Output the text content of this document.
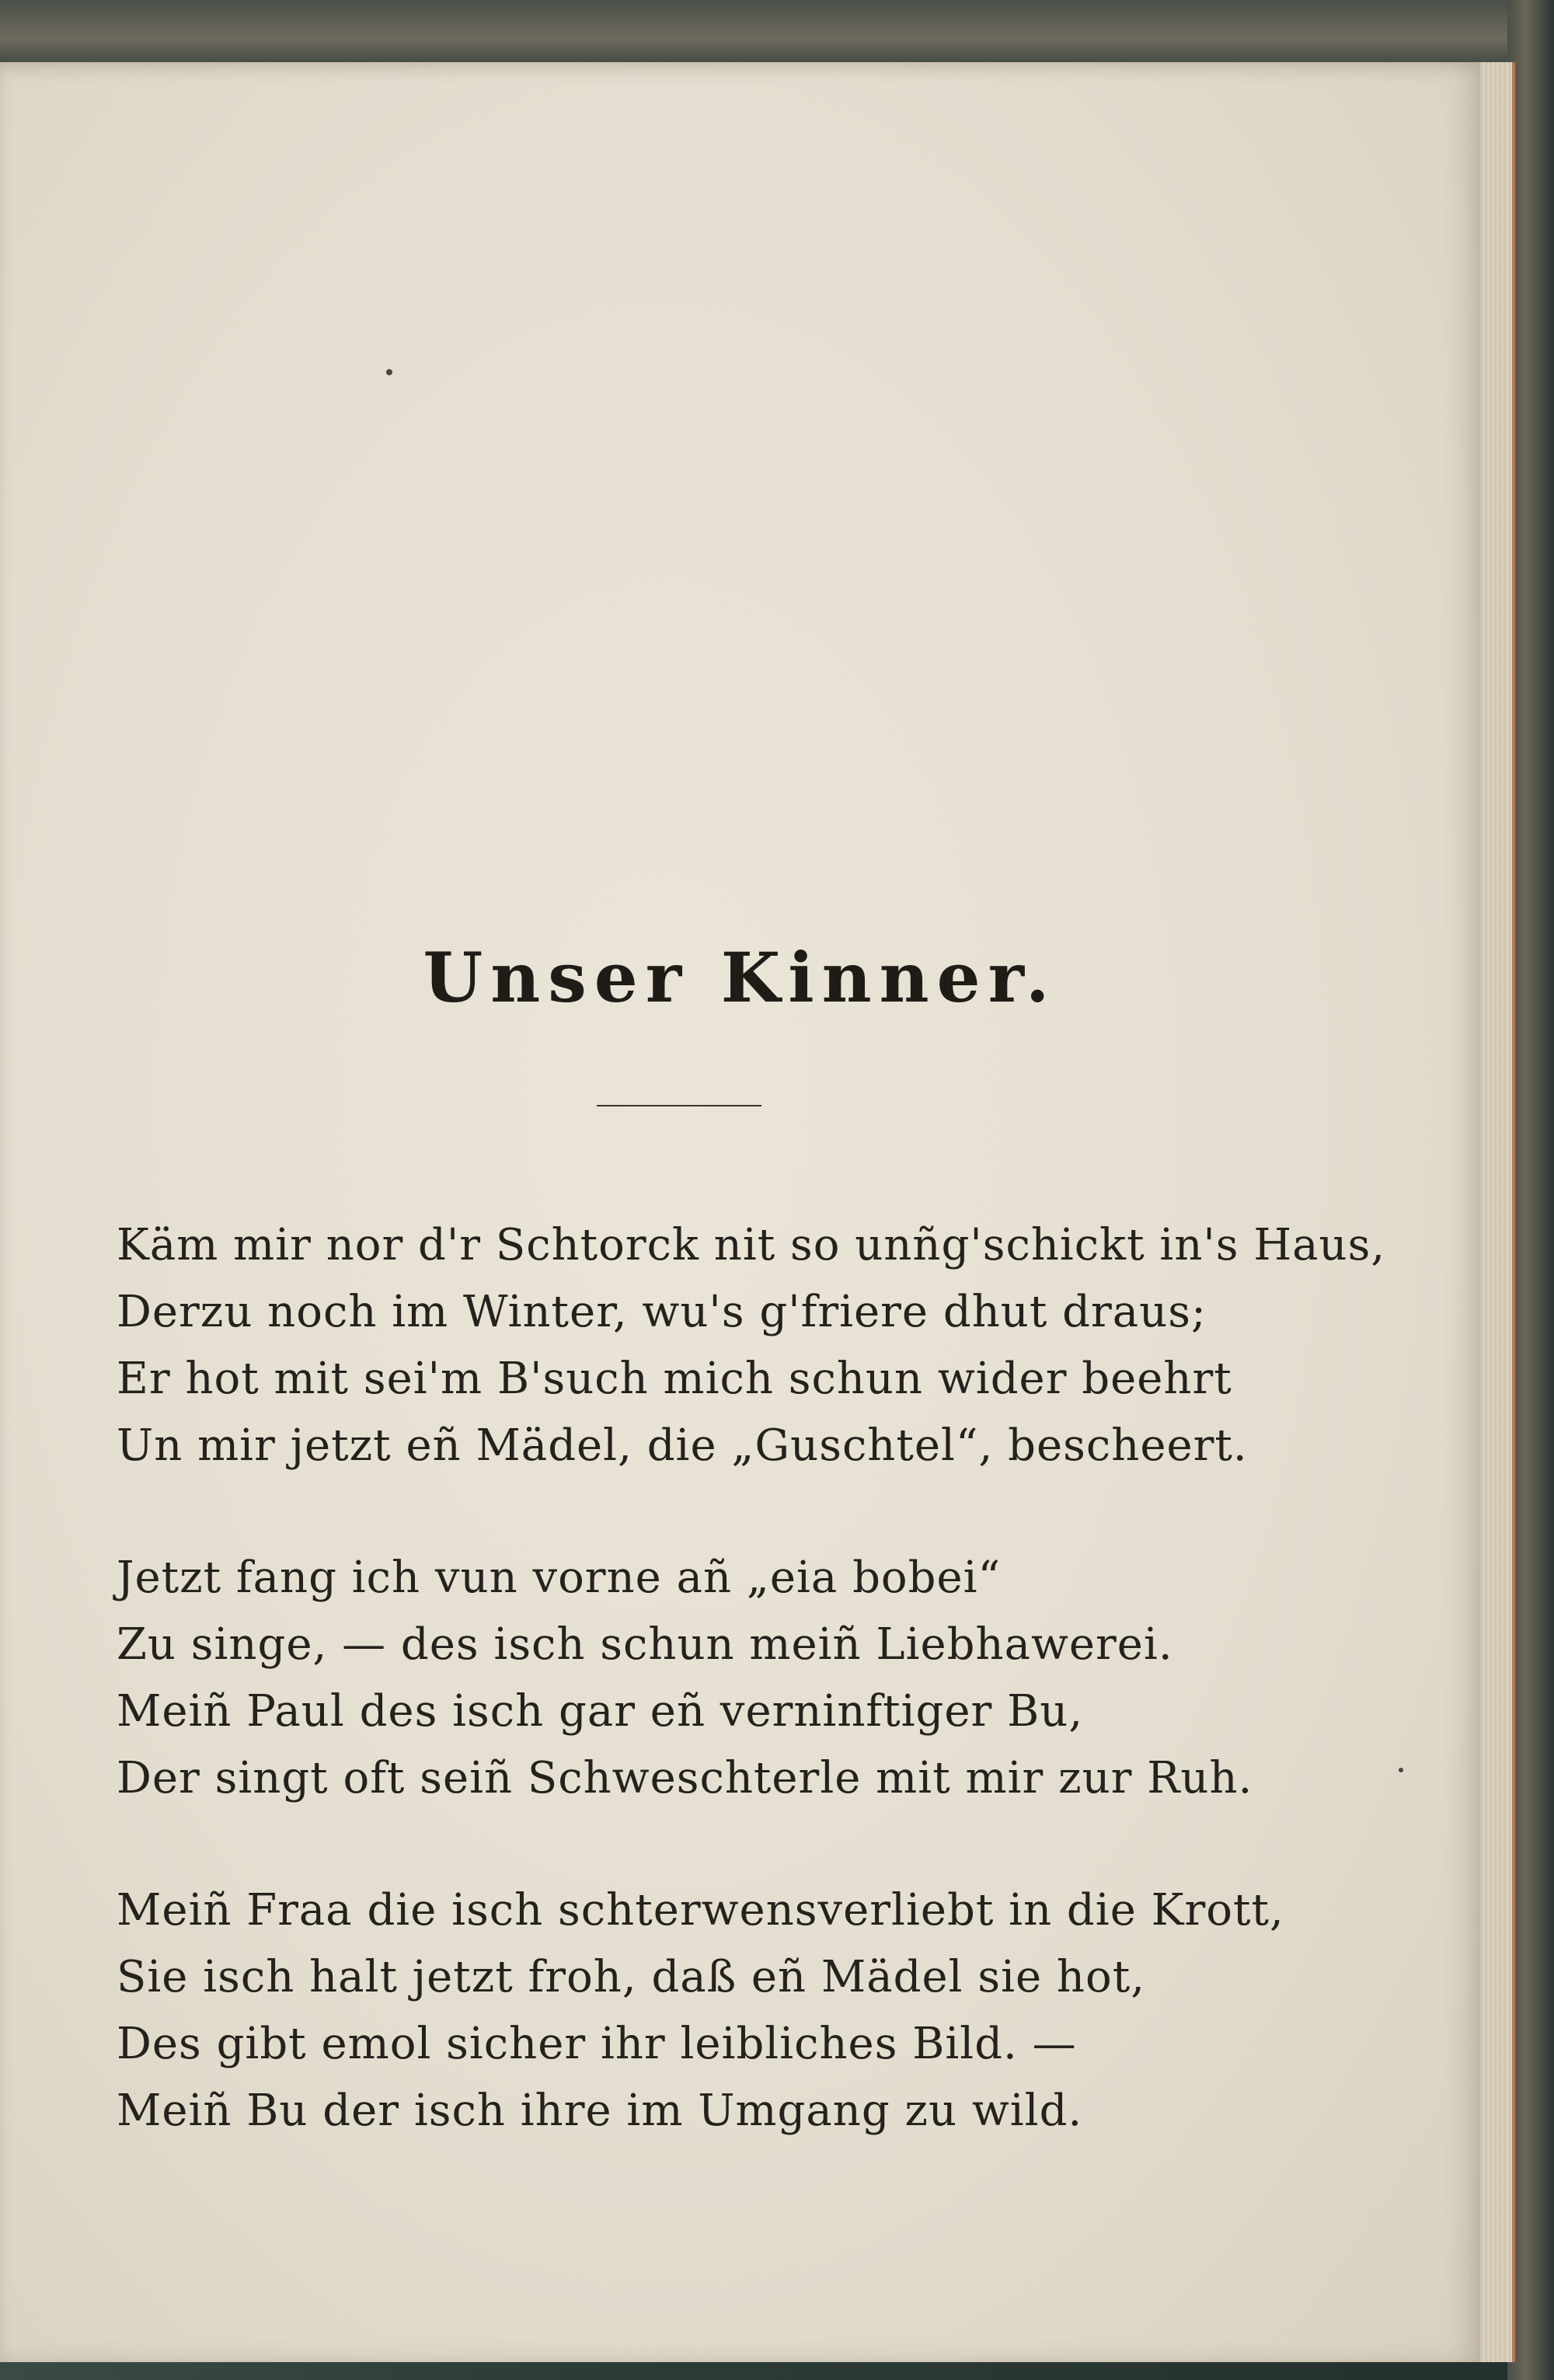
Unser Kinner.
Käm mir nor d'r Schtorck nit so unñg'schickt in's Haus,
Derzu noch im Winter, wu's g'friere dhut draus;
Er hot mit sei'm B'such mich schun wider beehrt
Un mir jetzt eñ Mädel, die „Guschtel“, bescheert.
Jetzt fang ich vun vorne añ „eia bobei“
Zu singe, — des isch schun meiñ Liebhawerei.
Meiñ Paul des isch gar eñ verninftiger Bu,
Der singt oft seiñ Schweschterle mit mir zur Ruh.
Meiñ Fraa die isch schterwensverliebt in die Krott,
Sie isch halt jetzt froh, daß eñ Mädel sie hot,
Des gibt emol sicher ihr leibliches Bild. —
Meiñ Bu der isch ihre im Umgang zu wild.
